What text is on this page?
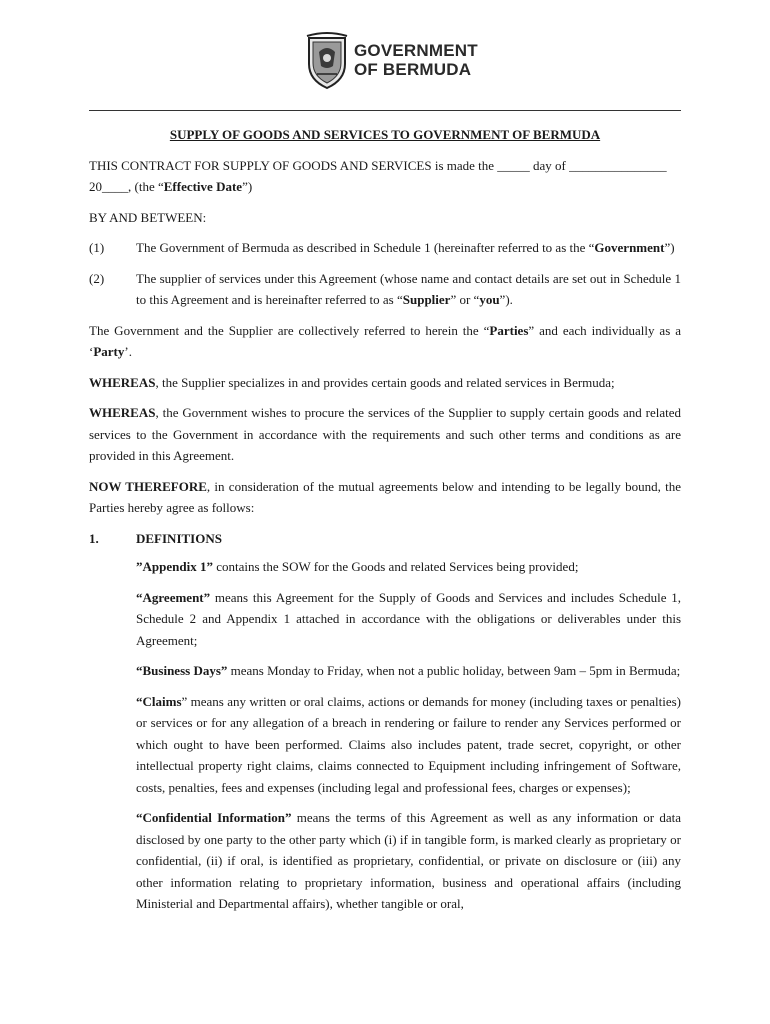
GOVERNMENT
OF BERMUDA

SUPPLY OF GOODS AND SERVICES TO GOVERNMENT OF BERMUDA

THIS CONTRACT FOR SUPPLY OF GOODS AND SERVICES is made the _____ day of _______________ 20____, (the “Effective Date”)

BY AND BETWEEN:

(1)	The Government of Bermuda as described in Schedule 1 (hereinafter referred to as the “Government”)
(2)	The supplier of services under this Agreement (whose name and contact details are set out in Schedule 1 to this Agreement and is hereinafter referred to as “Supplier” or “you”).

The Government and the Supplier are collectively referred to herein the “Parties” and each individually as a ‘Party’.

WHEREAS, the Supplier specializes in and provides certain goods and related services in Bermuda;

WHEREAS, the Government wishes to procure the services of the Supplier to supply certain goods and related services to the Government in accordance with the requirements and such other terms and conditions as are provided in this Agreement.

NOW THEREFORE, in consideration of the mutual agreements below and intending to be legally bound, the Parties hereby agree as follows:

1.	DEFINITIONS

”Appendix 1” contains the SOW for the Goods and related Services being provided;

“Agreement” means this Agreement for the Supply of Goods and Services and includes Schedule 1, Schedule 2 and Appendix 1 attached in accordance with the obligations or deliverables under this Agreement;

“Business Days” means Monday to Friday, when not a public holiday, between 9am – 5pm in Bermuda;

“Claims” means any written or oral claims, actions or demands for money (including taxes or penalties) or services or for any allegation of a breach in rendering or failure to render any Services performed or which ought to have been performed. Claims also includes patent, trade secret, copyright, or other intellectual property right claims, claims connected to Equipment including infringement of Software, costs, penalties, fees and expenses (including legal and professional fees, charges or expenses);

“Confidential Information” means the terms of this Agreement as well as any information or data disclosed by one party to the other party which (i) if in tangible form, is marked clearly as proprietary or confidential, (ii) if oral, is identified as proprietary, confidential, or private on disclosure or (iii) any other information relating to proprietary information, business and operational affairs (including Ministerial and Departmental affairs), whether tangible or oral,
